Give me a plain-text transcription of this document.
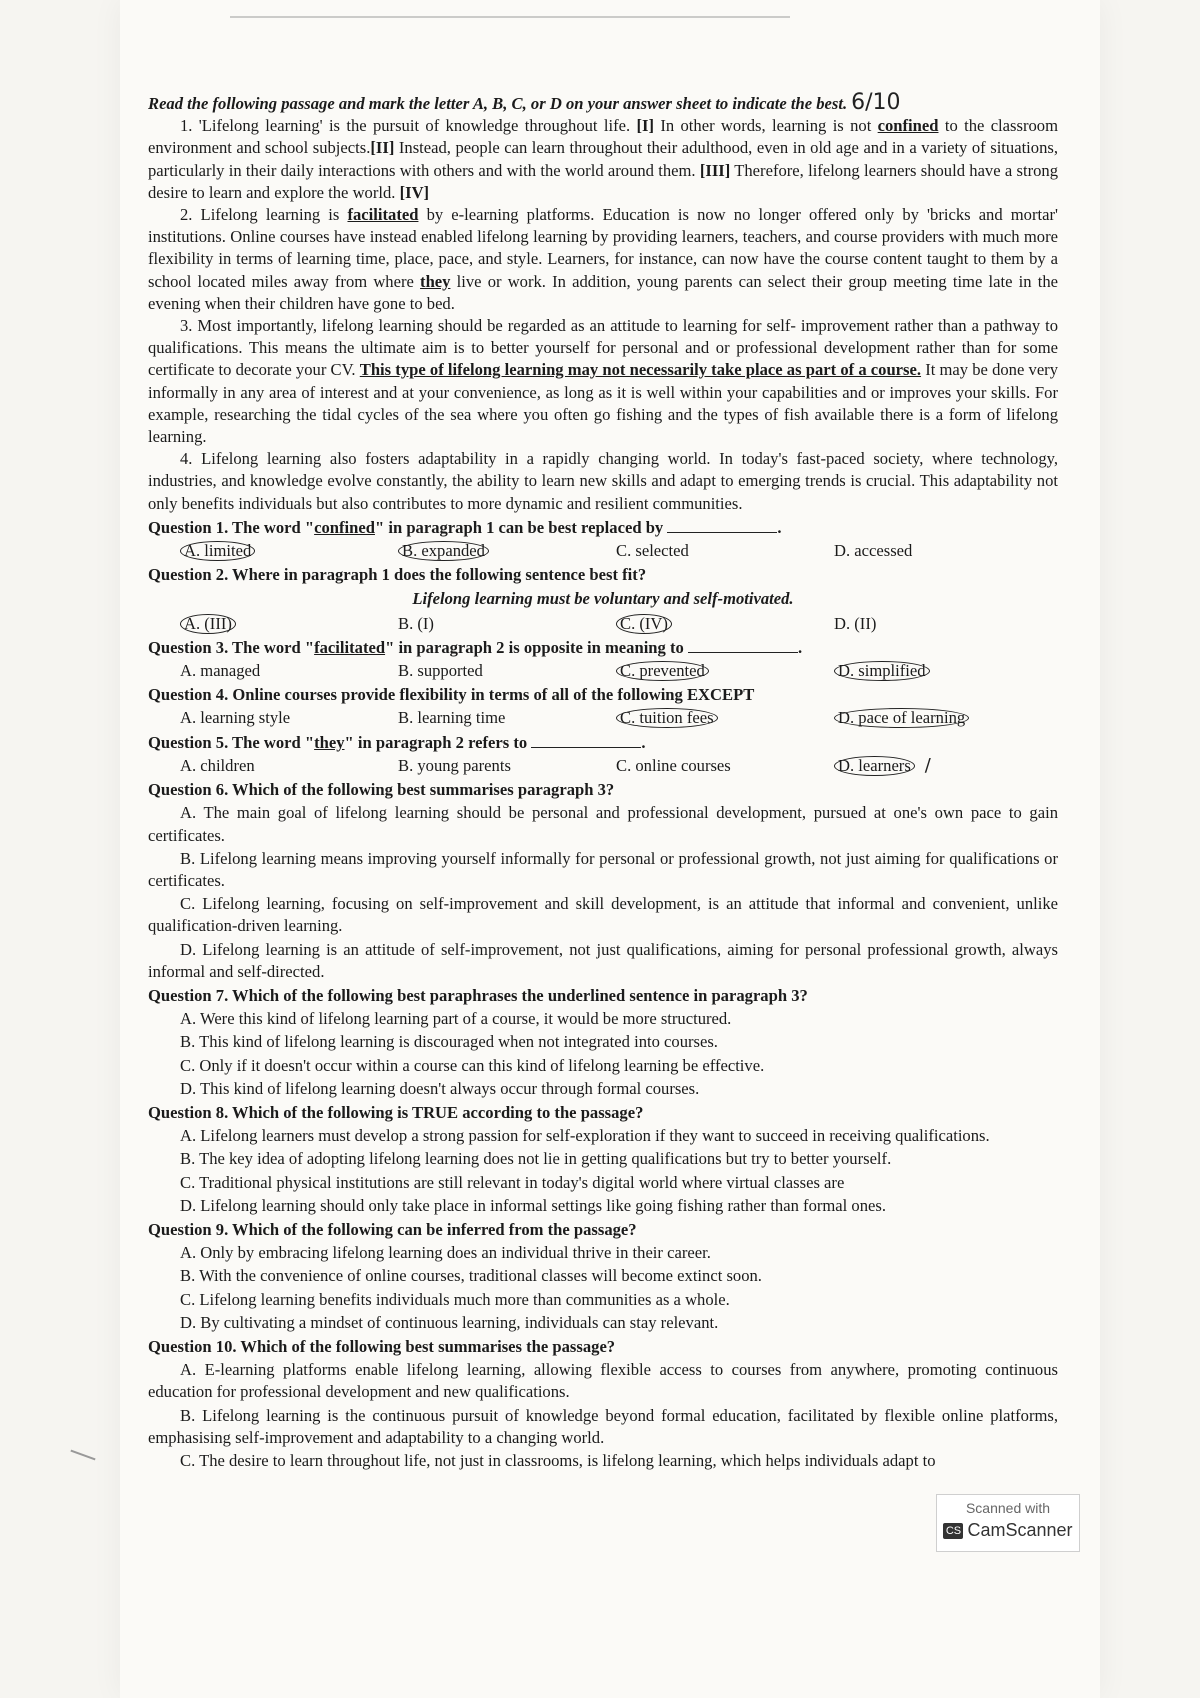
Read the following passage and mark the letter A, B, C, or D on your answer sheet to indicate the best. 6/10

1. 'Lifelong learning' is the pursuit of knowledge throughout life. [I] In other words, learning is not confined to the classroom environment and school subjects.[II] Instead, people can learn throughout their adulthood, even in old age and in a variety of situations, particularly in their daily interactions with others and with the world around them. [III] Therefore, lifelong learners should have a strong desire to learn and explore the world. [IV]

2. Lifelong learning is facilitated by e-learning platforms. Education is now no longer offered only by 'bricks and mortar' institutions. Online courses have instead enabled lifelong learning by providing learners, teachers, and course providers with much more flexibility in terms of learning time, place, pace, and style. Learners, for instance, can now have the course content taught to them by a school located miles away from where they live or work. In addition, young parents can select their group meeting time late in the evening when their children have gone to bed.

3. Most importantly, lifelong learning should be regarded as an attitude to learning for self- improvement rather than a pathway to qualifications. This means the ultimate aim is to better yourself for personal and or professional development rather than for some certificate to decorate your CV. This type of lifelong learning may not necessarily take place as part of a course. It may be done very informally in any area of interest and at your convenience, as long as it is well within your capabilities and or improves your skills. For example, researching the tidal cycles of the sea where you often go fishing and the types of fish available there is a form of lifelong learning.

4. Lifelong learning also fosters adaptability in a rapidly changing world. In today's fast-paced society, where technology, industries, and knowledge evolve constantly, the ability to learn new skills and adapt to emerging trends is crucial. This adaptability not only benefits individuals but also contributes to more dynamic and resilient communities.

Question 1. The word "confined" in paragraph 1 can be best replaced by	.

A. limited	B. expanded	C. selected	D. accessed

Question 2. Where in paragraph 1 does the following sentence best fit?

Lifelong learning must be voluntary and self-motivated.

A. (III)	B. (I)	C. (IV)	D. (II)

Question 3. The word "facilitated" in paragraph 2 is opposite in meaning to	.

A. managed	B. supported	C. prevented	D. simplified

Question 4. Online courses provide flexibility in terms of all of the following EXCEPT

A. learning style	B. learning time	C. tuition fees	D. pace of learning

Question 5. The word "they" in paragraph 2 refers to	.

A. children	B. young parents	C. online courses	D. learners /

Question 6. Which of the following best summarises paragraph 3?

A. The main goal of lifelong learning should be personal and professional development, pursued at one's own pace to gain certificates.

B. Lifelong learning means improving yourself informally for personal or professional growth, not just aiming for qualifications or certificates.

C. Lifelong learning, focusing on self-improvement and skill development, is an attitude that informal and convenient, unlike qualification-driven learning.

D. Lifelong learning is an attitude of self-improvement, not just qualifications, aiming for personal professional growth, always informal and self-directed.

Question 7. Which of the following best paraphrases the underlined sentence in paragraph 3?

A. Were this kind of lifelong learning part of a course, it would be more structured.

B. This kind of lifelong learning is discouraged when not integrated into courses.

C. Only if it doesn't occur within a course can this kind of lifelong learning be effective.

D. This kind of lifelong learning doesn't always occur through formal courses.

Question 8. Which of the following is TRUE according to the passage?

A. Lifelong learners must develop a strong passion for self-exploration if they want to succeed in receiving qualifications.

B. The key idea of adopting lifelong learning does not lie in getting qualifications but try to better yourself.

C. Traditional physical institutions are still relevant in today's digital world where virtual classes are

D. Lifelong learning should only take place in informal settings like going fishing rather than formal ones.

Question 9. Which of the following can be inferred from the passage?

A. Only by embracing lifelong learning does an individual thrive in their career.

B. With the convenience of online courses, traditional classes will become extinct soon.

C. Lifelong learning benefits individuals much more than communities as a whole.

D. By cultivating a mindset of continuous learning, individuals can stay relevant.

Question 10. Which of the following best summarises the passage?

A. E-learning platforms enable lifelong learning, allowing flexible access to courses from anywhere, promoting continuous education for professional development and new qualifications.

B. Lifelong learning is the continuous pursuit of knowledge beyond formal education, facilitated by flexible online platforms, emphasising self-improvement and adaptability to a changing world.

C. The desire to learn throughout life, not just in classrooms, is lifelong learning, which helps individuals adapt to

Scanned with
CS CamScanner
